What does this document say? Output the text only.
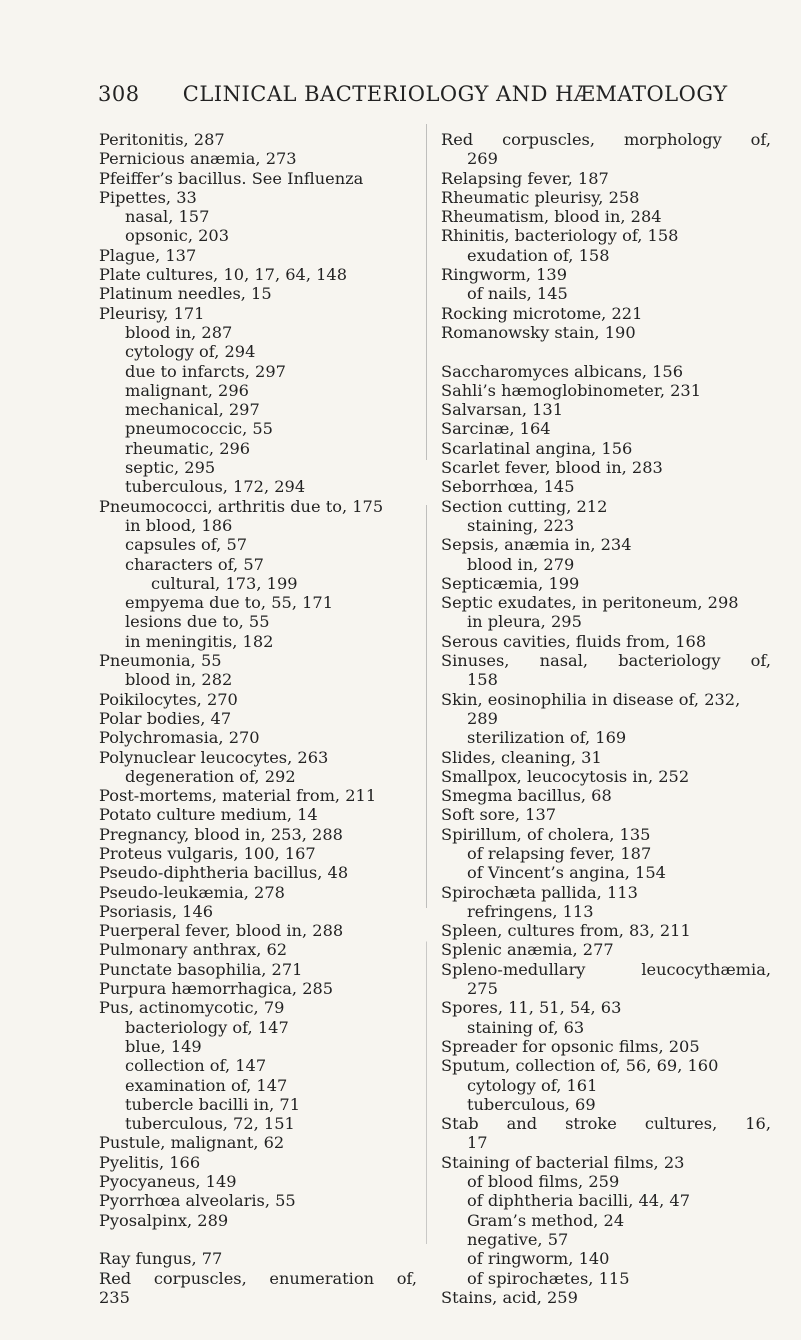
308 CLINICAL BACTERIOLOGY AND HÆMATOLOGY
Peritonitis, 287
Pernicious anæmia, 273
Pfeiffer’s bacillus. See Influenza
Pipettes, 33
nasal, 157
opsonic, 203
Plague, 137
Plate cultures, 10, 17, 64, 148
Platinum needles, 15
Pleurisy, 171
blood in, 287
cytology of, 294
due to infarcts, 297
malignant, 296
mechanical, 297
pneumococcic, 55
rheumatic, 296
septic, 295
tuberculous, 172, 294
Pneumococci, arthritis due to, 175
in blood, 186
capsules of, 57
characters of, 57
cultural, 173, 199
empyema due to, 55, 171
lesions due to, 55
in meningitis, 182
Pneumonia, 55
blood in, 282
Poikilocytes, 270
Polar bodies, 47
Polychromasia, 270
Polynuclear leucocytes, 263
degeneration of, 292
Post-mortems, material from, 211
Potato culture medium, 14
Pregnancy, blood in, 253, 288
Proteus vulgaris, 100, 167
Pseudo-diphtheria bacillus, 48
Pseudo-leukæmia, 278
Psoriasis, 146
Puerperal fever, blood in, 288
Pulmonary anthrax, 62
Punctate basophilia, 271
Purpura hæmorrhagica, 285
Pus, actinomycotic, 79
bacteriology of, 147
blue, 149
collection of, 147
examination of, 147
tubercle bacilli in, 71
tuberculous, 72, 151
Pustule, malignant, 62
Pyelitis, 166
Pyocyaneus, 149
Pyorrhœa alveolaris, 55
Pyosalpinx, 289
Ray fungus, 77
Red corpuscles, enumeration of,
235
Red corpuscles, morphology of,
269
Relapsing fever, 187
Rheumatic pleurisy, 258
Rheumatism, blood in, 284
Rhinitis, bacteriology of, 158
exudation of, 158
Ringworm, 139
of nails, 145
Rocking microtome, 221
Romanowsky stain, 190
Saccharomyces albicans, 156
Sahli’s hæmoglobinometer, 231
Salvarsan, 131
Sarcinæ, 164
Scarlatinal angina, 156
Scarlet fever, blood in, 283
Seborrhœa, 145
Section cutting, 212
staining, 223
Sepsis, anæmia in, 234
blood in, 279
Septicæmia, 199
Septic exudates, in peritoneum, 298
in pleura, 295
Serous cavities, fluids from, 168
Sinuses, nasal, bacteriology of,
158
Skin, eosinophilia in disease of, 232,
289
sterilization of, 169
Slides, cleaning, 31
Smallpox, leucocytosis in, 252
Smegma bacillus, 68
Soft sore, 137
Spirillum, of cholera, 135
of relapsing fever, 187
of Vincent’s angina, 154
Spirochæta pallida, 113
refringens, 113
Spleen, cultures from, 83, 211
Splenic anæmia, 277
Spleno-medullary	leucocythæmia,
275
Spores, 11, 51, 54, 63
staining of, 63
Spreader for opsonic films, 205
Sputum, collection of, 56, 69, 160
cytology of, 161
tuberculous, 69
Stab and stroke cultures, 16,
17
Staining of bacterial films, 23
of blood films, 259
of diphtheria bacilli, 44, 47
Gram’s method, 24
negative, 57
of ringworm, 140
of spirochætes, 115
Stains, acid, 259
